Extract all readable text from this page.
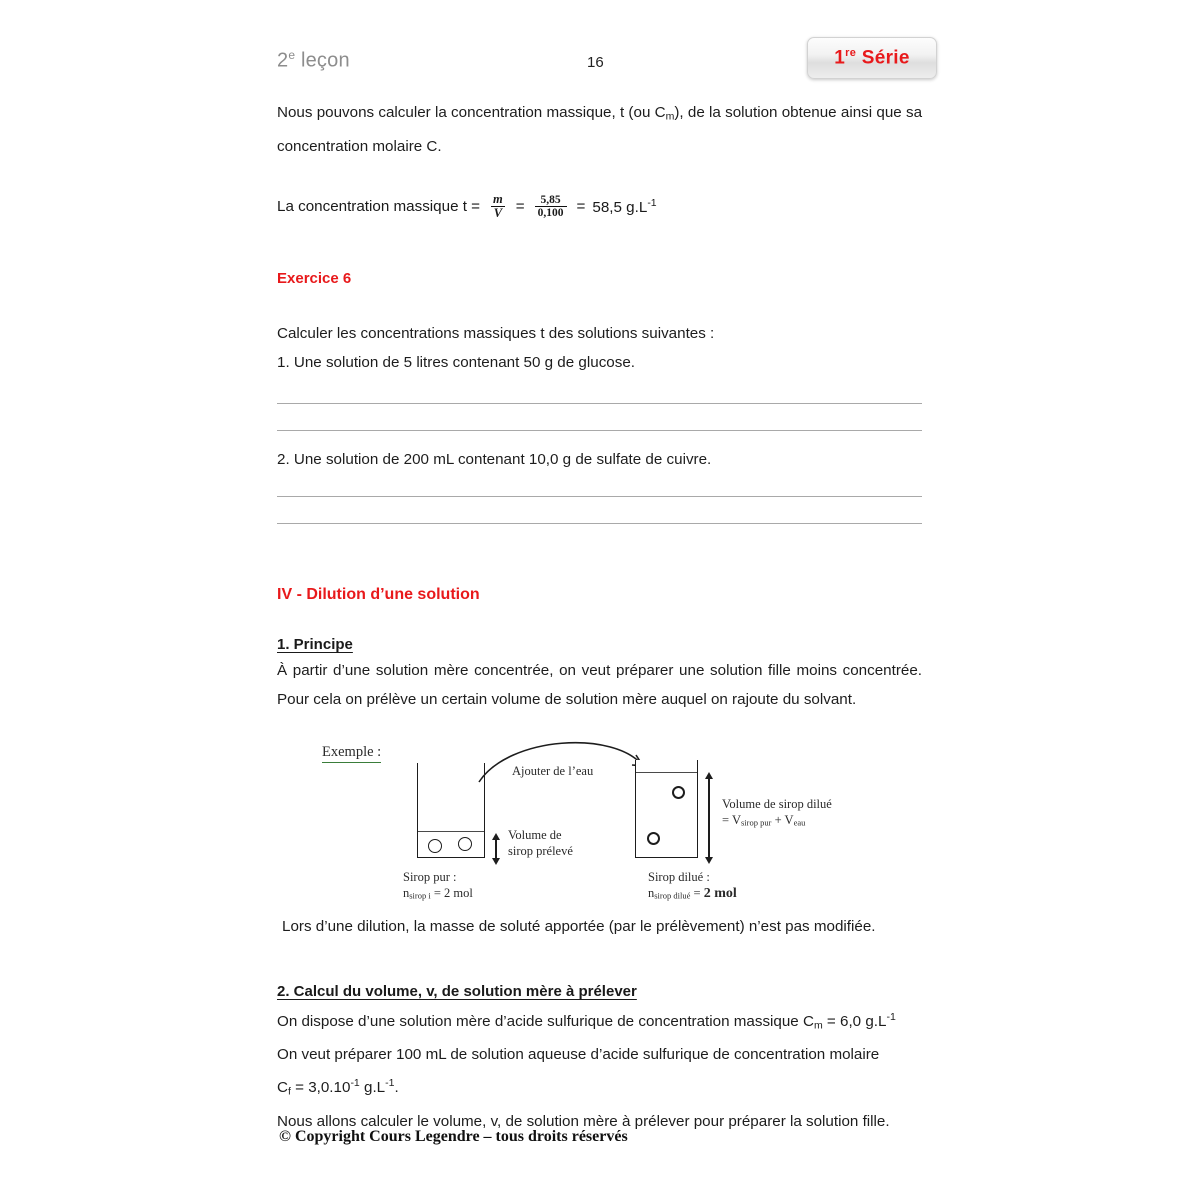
2e leçon	16	1re Série
Nous pouvons calculer la concentration massique, t (ou $C_m$), de la solution obtenue ainsi que sa concentration molaire C.
La concentration massique $t = \frac{m}{V} = \frac{5,85}{0,100} = 58,5$ $g.L^{-1}$
Exercice 6
Calculer les concentrations massiques t des solutions suivantes :
1. Une solution de 5 litres contenant 50 g de glucose.
2. Une solution de 200 mL contenant 10,0 g de sulfate de cuivre.
IV - Dilution d’une solution
1. Principe
À partir d’une solution mère concentrée, on veut préparer une solution fille moins concentrée. Pour cela on prélève un certain volume de solution mère auquel on rajoute du solvant.
Exemple :
Volume de
sirop prélevé
Sirop pur :
nsirop i = 2 mol
Ajouter de l’eau
Volume de sirop dilué
= Vsirop pur + Veau
Sirop dilué :
nsirop dilué = 2 mol
Lors d’une dilution, la masse de soluté apportée (par le prélèvement) n’est pas modifiée.
2. Calcul du volume, v, de solution mère à prélever
On dispose d’une solution mère d’acide sulfurique de concentration massique $C_m = 6,0$ $g.L^{-1}$
On veut préparer 100 mL de solution aqueuse d’acide sulfurique de concentration molaire
$C_f = 3,0.10^{-1}$ $g.L^{-1}$.
Nous allons calculer le volume, v, de solution mère à prélever pour préparer la solution fille.
© Copyright Cours Legendre – tous droits réservés
